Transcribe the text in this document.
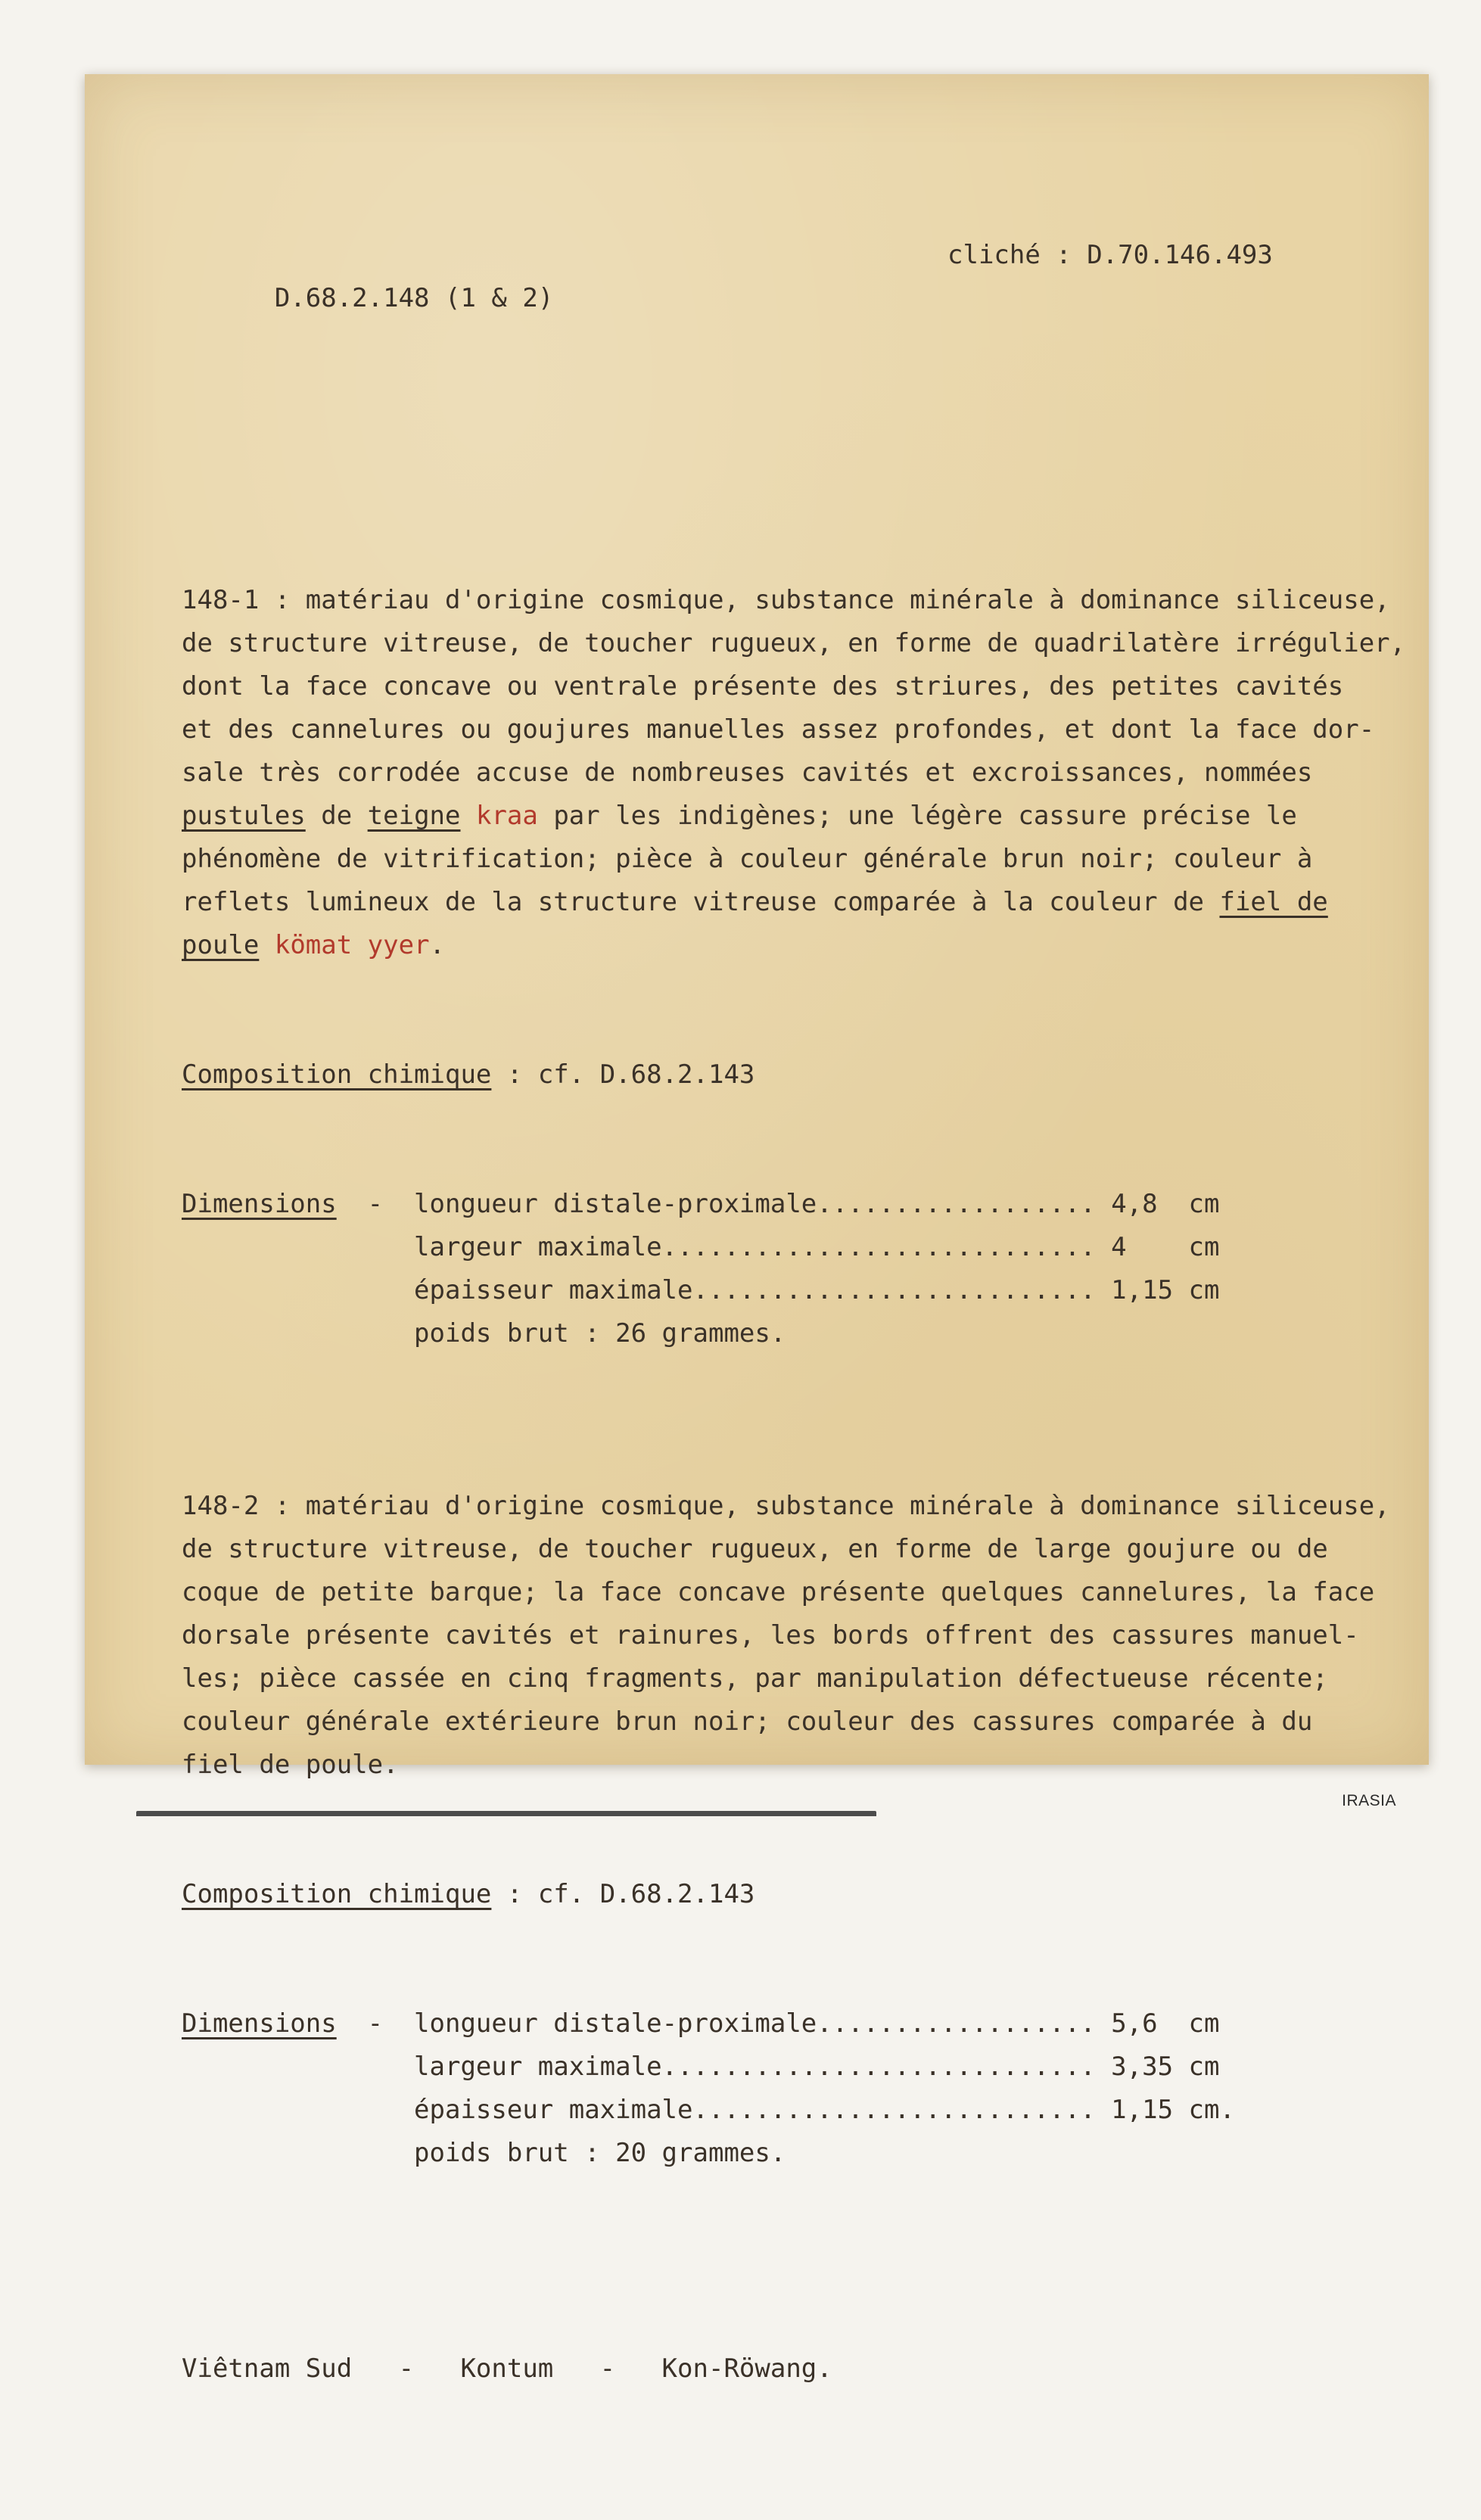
D.68.2.148 (1 & 2)

cliché : D.70.146.493

148-1 : matériau d'origine cosmique, substance minérale à dominance siliceuse,
de structure vitreuse, de toucher rugueux, en forme de quadrilatère irrégulier,
dont la face concave ou ventrale présente des striures, des petites cavités
et des cannelures ou goujures manuelles assez profondes, et dont la face dor-
sale très corrodée accuse de nombreuses cavités et excroissances, nommées
pustules de teigne kraa par les indigènes; une légère cassure précise le
phénomène de vitrification; pièce à couleur générale brun noir; couleur à
reflets lumineux de la structure vitreuse comparée à la couleur de fiel de
poule kömat yyer.

Composition chimique : cf. D.68.2.143

Dimensions  -  longueur distale-proximale.................. 4,8  cm
largeur maximale............................ 4    cm
épaisseur maximale.......................... 1,15 cm
poids brut : 26 grammes.

148-2 : matériau d'origine cosmique, substance minérale à dominance siliceuse,
de structure vitreuse, de toucher rugueux, en forme de large goujure ou de
coque de petite barque; la face concave présente quelques cannelures, la face
dorsale présente cavités et rainures, les bords offrent des cassures manuel-
les; pièce cassée en cinq fragments, par manipulation défectueuse récente;
couleur générale extérieure brun noir; couleur des cassures comparée à du
fiel de poule.

Composition chimique : cf. D.68.2.143

Dimensions  -  longueur distale-proximale.................. 5,6  cm
largeur maximale............................ 3,35 cm
épaisseur maximale.......................... 1,15 cm.
poids brut : 20 grammes.

Viêtnam Sud   -   Kontum   -   Kon-Röwang.

IRASIA
